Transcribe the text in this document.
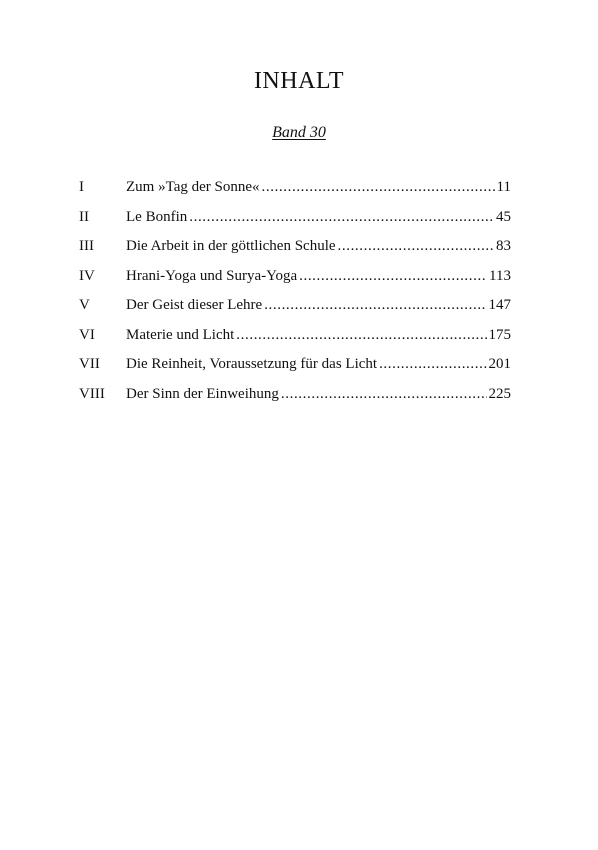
INHALT
Band 30
I	Zum »Tag der Sonne« .....	11
II	Le Bonfin .....	45
III	Die Arbeit in der göttlichen Schule .....	83
IV	Hrani-Yoga und Surya-Yoga .....	113
V	Der Geist dieser Lehre .....	147
VI	Materie und Licht .....	175
VII	Die Reinheit, Voraussetzung für das Licht .....	201
VIII	Der Sinn der Einweihung .....	225
